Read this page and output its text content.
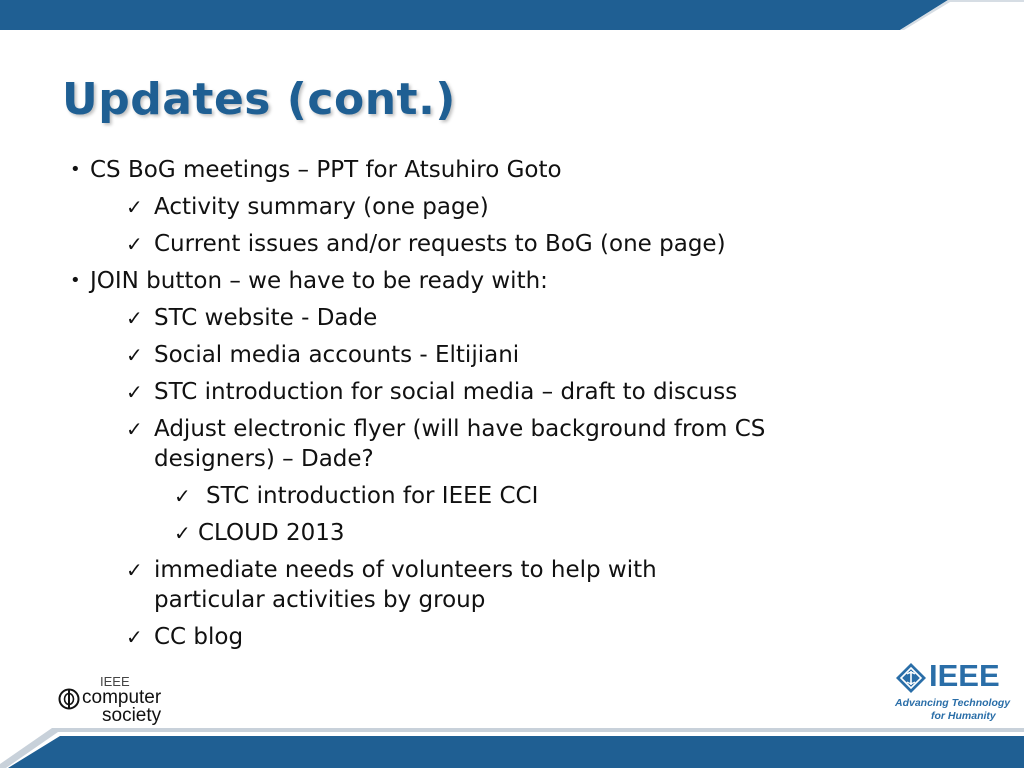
Updates (cont.)
• CS BoG meetings – PPT for Atsuhiro Goto
✓ Activity summary (one page)
✓ Current issues and/or requests to BoG (one page)
• JOIN button – we have to be ready with:
✓ STC website - Dade
✓ Social media accounts - Eltijiani
✓ STC introduction for social media – draft to discuss
✓ Adjust electronic flyer (will have background from CS designers) – Dade?
✓ STC introduction for IEEE CCI
✓ CLOUD 2013
✓ immediate needs of volunteers to help with particular activities by group
✓ CC blog
IEEE
computer
society
IEEE
Advancing Technology
for Humanity
